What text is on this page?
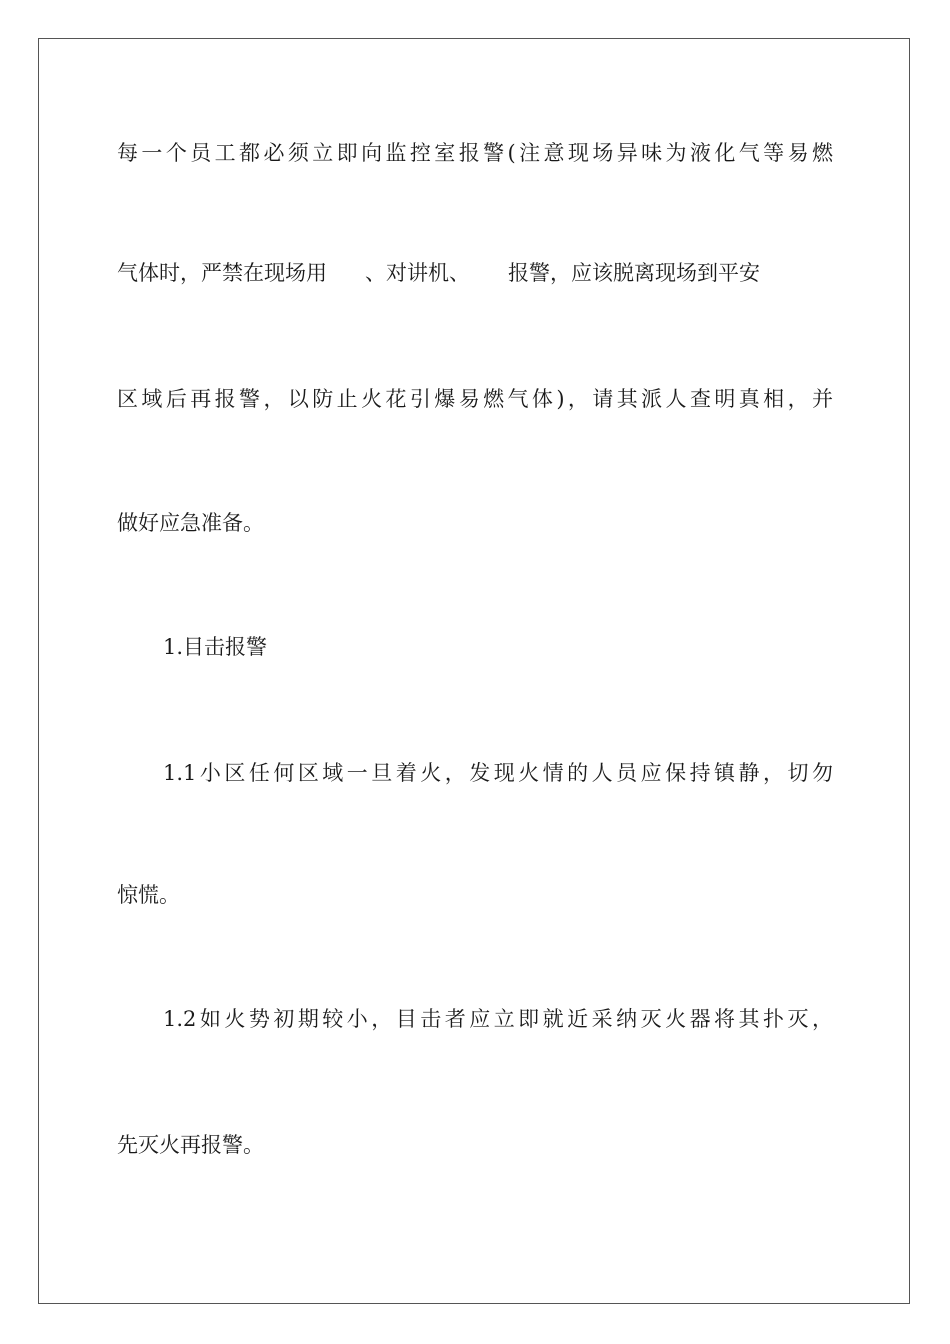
每一个员工都必须立即向监控室报警(注意现场异味为液化气等易燃

气体时，严禁在现场用 、对讲机、 报警，应该脱离现场到平安

区域后再报警，以防止火花引爆易燃气体)，请其派人查明真相，并

做好应急准备。

1.目击报警

1.1小区任何区域一旦着火，发现火情的人员应保持镇静，切勿

惊慌。

1.2如火势初期较小，目击者应立即就近采纳灭火器将其扑灭，

先灭火再报警。
